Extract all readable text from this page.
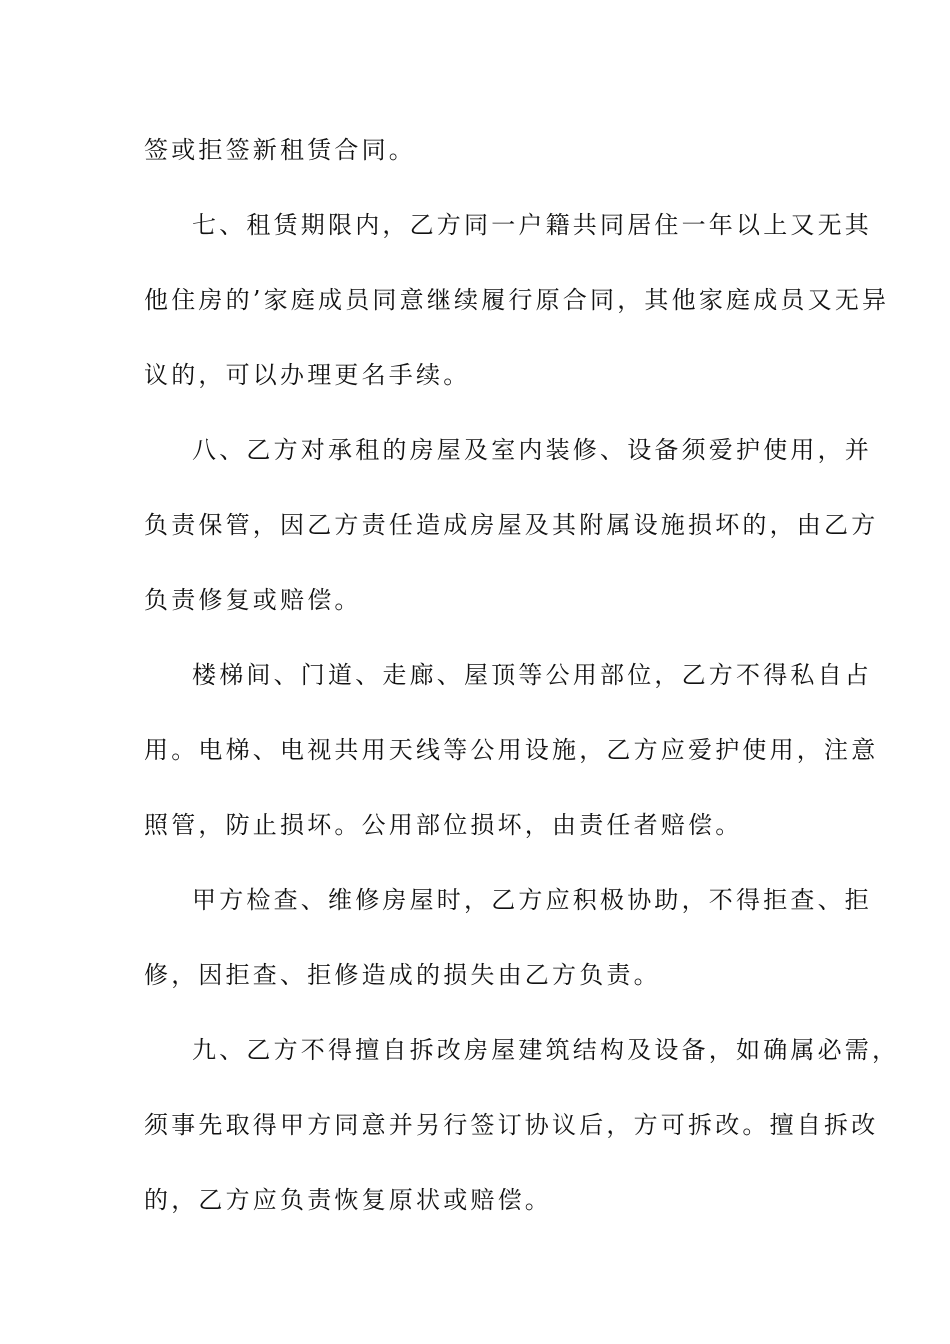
签或拒签新租赁合同。
七、租赁期限内，乙方同一户籍共同居住一年以上又无其
他住房的’家庭成员同意继续履行原合同，其他家庭成员又无异
议的，可以办理更名手续。
八、乙方对承租的房屋及室内装修、设备须爱护使用，并
负责保管，因乙方责任造成房屋及其附属设施损坏的，由乙方
负责修复或赔偿。
楼梯间、门道、走廊、屋顶等公用部位，乙方不得私自占
用。电梯、电视共用天线等公用设施，乙方应爱护使用，注意
照管，防止损坏。公用部位损坏，由责任者赔偿。
甲方检查、维修房屋时，乙方应积极协助，不得拒查、拒
修，因拒查、拒修造成的损失由乙方负责。
九、乙方不得擅自拆改房屋建筑结构及设备，如确属必需，
须事先取得甲方同意并另行签订协议后，方可拆改。擅自拆改
的，乙方应负责恢复原状或赔偿。
